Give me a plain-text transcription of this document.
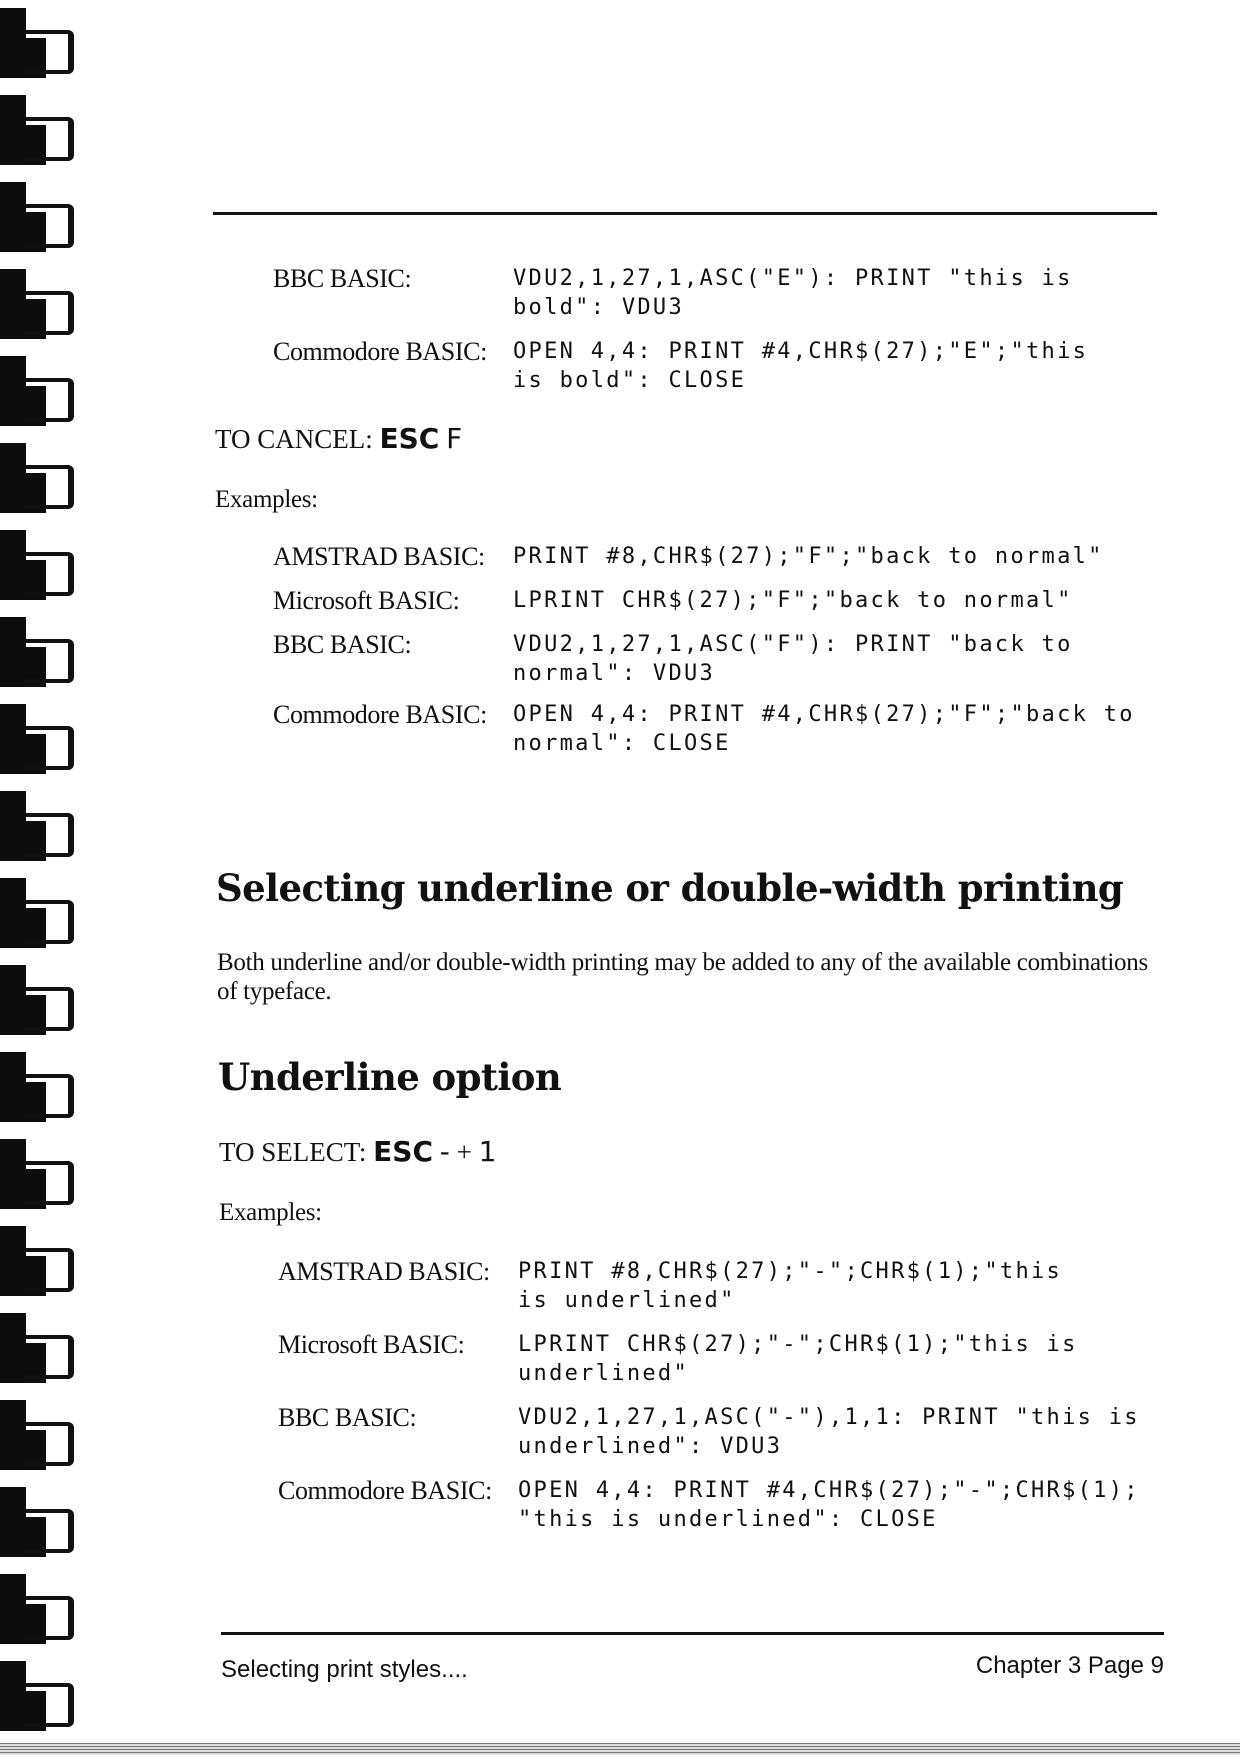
BBC BASIC:	VDU2,1,27,1,ASC("E"): PRINT "this is
bold": VDU3
Commodore BASIC:	OPEN 4,4: PRINT #4,CHR$(27);"E";"this
is bold": CLOSE
TO CANCEL: ESC F
Examples:
AMSTRAD BASIC:	PRINT #8,CHR$(27);"F";"back to normal"
Microsoft BASIC:	LPRINT CHR$(27);"F";"back to normal"
BBC BASIC:	VDU2,1,27,1,ASC("F"): PRINT "back to
normal": VDU3
Commodore BASIC:	OPEN 4,4: PRINT #4,CHR$(27);"F";"back to
normal": CLOSE
Selecting underline or double-width printing
Both underline and/or double-width printing may be added to any of the available combinations of typeface.
Underline option
TO SELECT: ESC - + 1
Examples:
AMSTRAD BASIC:	PRINT #8,CHR$(27);"-";CHR$(1);"this
is underlined"
Microsoft BASIC:	LPRINT CHR$(27);"-";CHR$(1);"this is
underlined"
BBC BASIC:	VDU2,1,27,1,ASC("-"),1,1: PRINT "this is
underlined": VDU3
Commodore BASIC:	OPEN 4,4: PRINT #4,CHR$(27);"-";CHR$(1);
"this is underlined": CLOSE
Selecting print styles....	Chapter 3 Page 9
